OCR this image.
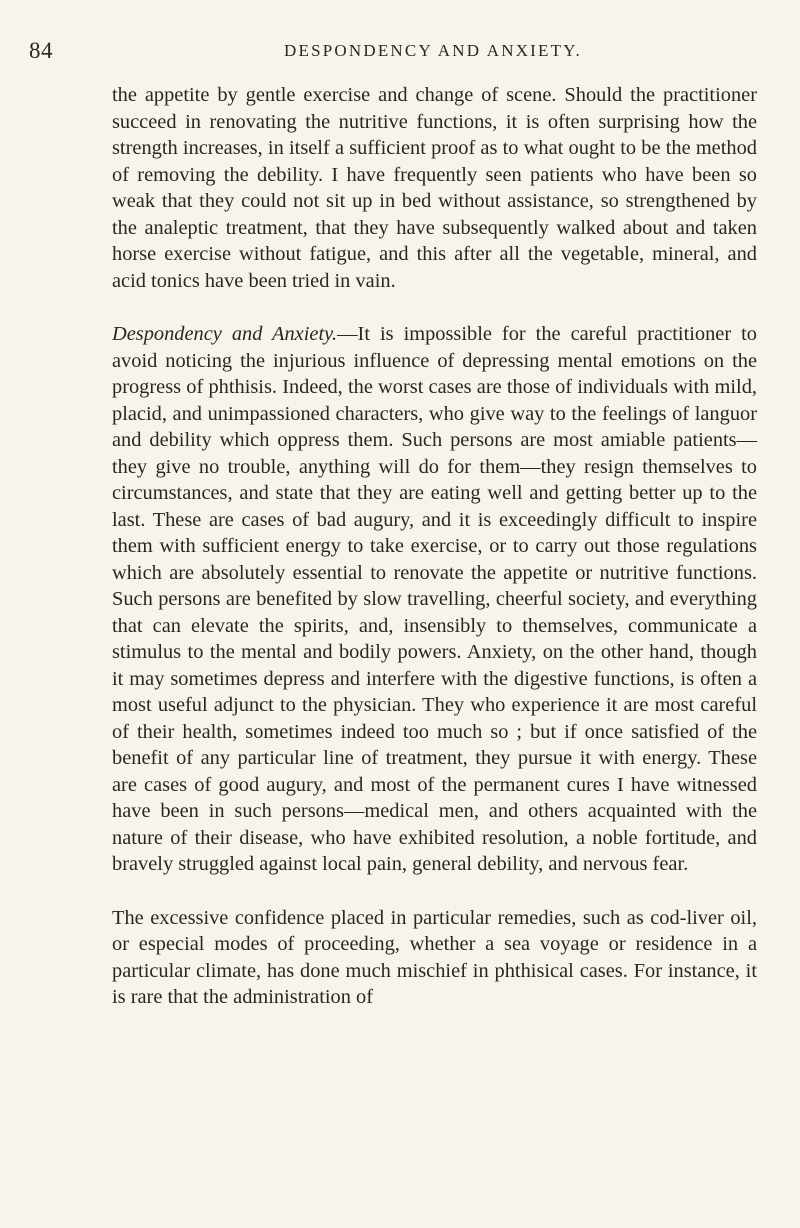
84	DESPONDENCY AND ANXIETY.

the appetite by gentle exercise and change of scene. Should the practitioner succeed in renovating the nutritive functions, it is often surprising how the strength increases, in itself a sufficient proof as to what ought to be the method of removing the debility. I have frequently seen patients who have been so weak that they could not sit up in bed without assistance, so strengthened by the analeptic treatment, that they have subsequently walked about and taken horse exercise without fatigue, and this after all the vegetable, mineral, and acid tonics have been tried in vain.

Despondency and Anxiety.—It is impossible for the careful practitioner to avoid noticing the injurious influence of depressing mental emotions on the progress of phthisis. Indeed, the worst cases are those of individuals with mild, placid, and unimpassioned characters, who give way to the feelings of languor and debility which oppress them. Such persons are most amiable patients—they give no trouble, anything will do for them—they resign themselves to circumstances, and state that they are eating well and getting better up to the last. These are cases of bad augury, and it is exceedingly difficult to inspire them with sufficient energy to take exercise, or to carry out those regulations which are absolutely essential to renovate the appetite or nutritive functions. Such persons are benefited by slow travelling, cheerful society, and everything that can elevate the spirits, and, insensibly to themselves, communicate a stimulus to the mental and bodily powers. Anxiety, on the other hand, though it may sometimes depress and interfere with the digestive functions, is often a most useful adjunct to the physician. They who experience it are most careful of their health, sometimes indeed too much so ; but if once satisfied of the benefit of any particular line of treatment, they pursue it with energy. These are cases of good augury, and most of the permanent cures I have witnessed have been in such persons—medical men, and others acquainted with the nature of their disease, who have exhibited resolution, a noble fortitude, and bravely struggled against local pain, general debility, and nervous fear.

The excessive confidence placed in particular remedies, such as cod-liver oil, or especial modes of proceeding, whether a sea voyage or residence in a particular climate, has done much mischief in phthisical cases. For instance, it is rare that the administration of
